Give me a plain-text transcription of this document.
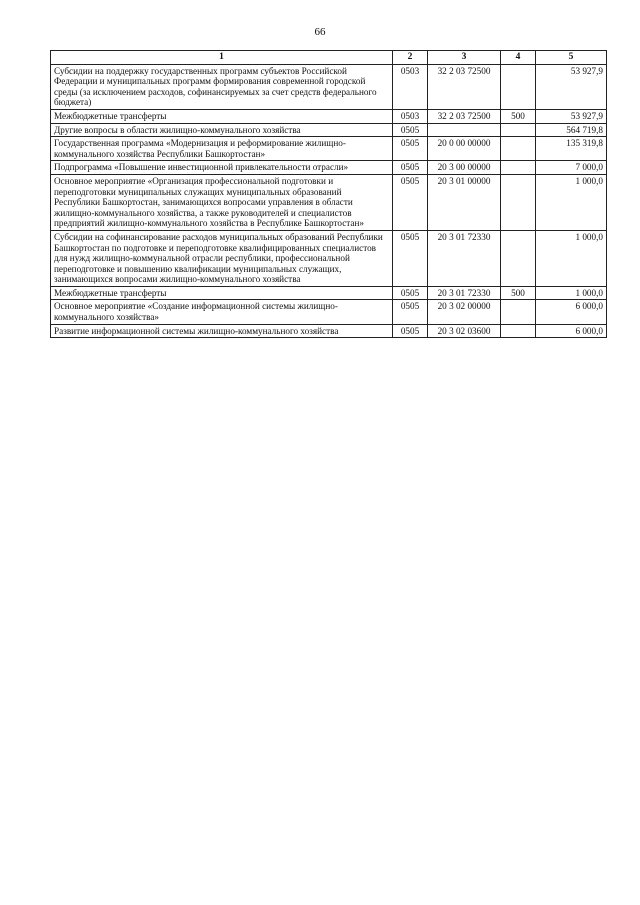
66
1	2	3	4	5
Субсидии на поддержку государственных программ субъектов Российской Федерации и муниципальных программ формирования современной городской среды (за исключением расходов, софинансируемых за счет средств федерального бюджета)	0503	32 2 03 72500		53 927,9
Межбюджетные трансферты	0503	32 2 03 72500	500	53 927,9
Другие вопросы в области жилищно-коммунального хозяйства	0505			564 719,8
Государственная программа «Модернизация и реформирование жилищно-коммунального хозяйства Республики Башкортостан»	0505	20 0 00 00000		135 319,8
Подпрограмма «Повышение инвестиционной привлекательности отрасли»	0505	20 3 00 00000		7 000,0
Основное мероприятие «Организация профессиональной подготовки и переподготовки муниципальных служащих муниципальных образований Республики Башкортостан, занимающихся вопросами управления в области жилищно-коммунального хозяйства, а также руководителей и специалистов предприятий жилищно-коммунального хозяйства в Республике Башкортостан»	0505	20 3 01 00000		1 000,0
Субсидии на софинансирование расходов муниципальных образований Республики Башкортостан по подготовке и переподготовке квалифицированных специалистов для нужд жилищно-коммунальной отрасли республики, профессиональной переподготовке и повышению квалификации муниципальных служащих, занимающихся вопросами жилищно-коммунального хозяйства	0505	20 3 01 72330		1 000,0
Межбюджетные трансферты	0505	20 3 01 72330	500	1 000,0
Основное мероприятие «Создание информационной системы жилищно-коммунального хозяйства»	0505	20 3 02 00000		6 000,0
Развитие информационной системы жилищно-коммунального хозяйства	0505	20 3 02 03600		6 000,0
